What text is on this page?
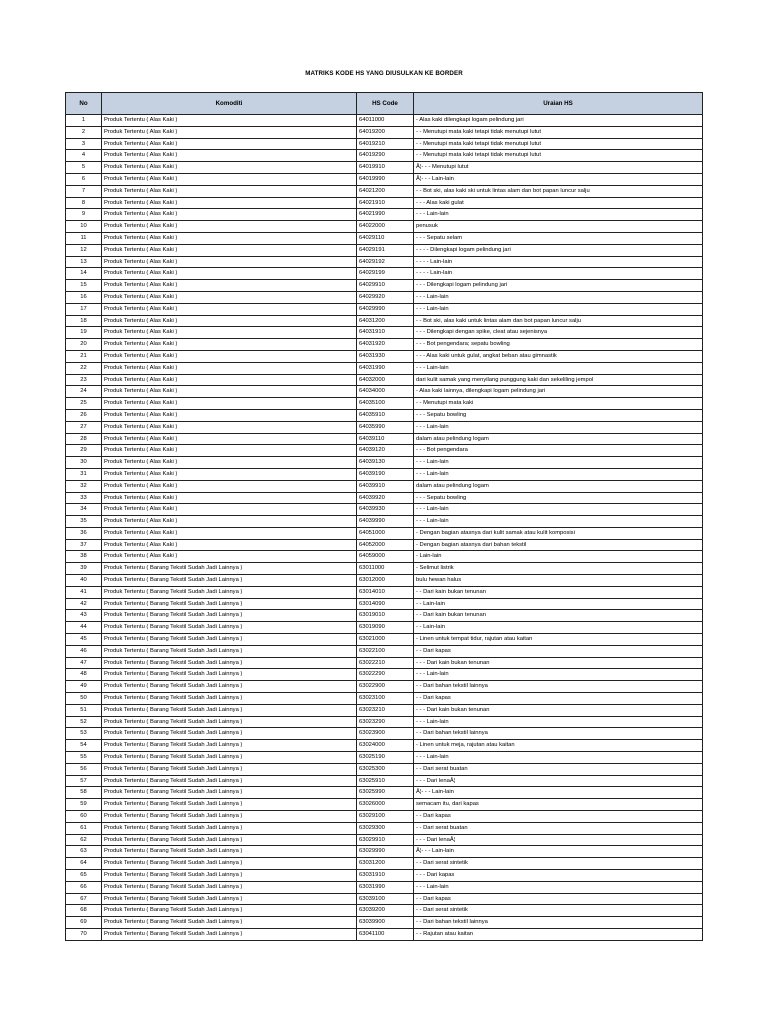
MATRIKS KODE HS YANG DIUSULKAN KE BORDER
No	Komoditi	HS Code	Uraian HS
1	Produk Tertentu ( Alas Kaki )	64011000	- Alas kaki dilengkapi logam pelindung jari
2	Produk Tertentu ( Alas Kaki )	64019200	- - Menutupi mata kaki tetapi tidak menutupi lutut
3	Produk Tertentu ( Alas Kaki )	64019210	- - Menutupi mata kaki tetapi tidak menutupi lutut
4	Produk Tertentu ( Alas Kaki )	64019290	- - Menutupi mata kaki tetapi tidak menutupi lutut
5	Produk Tertentu ( Alas Kaki )	64019910	Â¦- - - Menutupi lutut
6	Produk Tertentu ( Alas Kaki )	64019990	Â¦- - - Lain-lain
7	Produk Tertentu ( Alas Kaki )	64021200	- - Bot ski, alas kaki ski untuk lintas alam dan bot papan luncur salju
8	Produk Tertentu ( Alas Kaki )	64021910	- - - Alas kaki gulat
9	Produk Tertentu ( Alas Kaki )	64021990	- - - Lain-lain
10	Produk Tertentu ( Alas Kaki )	64022000	penusuk
11	Produk Tertentu ( Alas Kaki )	64029110	- - - Sepatu selam
12	Produk Tertentu ( Alas Kaki )	64029191	- - - - Dilengkapi logam pelindung jari
13	Produk Tertentu ( Alas Kaki )	64029192	- - - - Lain-lain
14	Produk Tertentu ( Alas Kaki )	64029199	- - - - Lain-lain
15	Produk Tertentu ( Alas Kaki )	64029910	- - - Dilengkapi logam pelindung jari
16	Produk Tertentu ( Alas Kaki )	64029920	- - - Lain-lain
17	Produk Tertentu ( Alas Kaki )	64029990	- - - Lain-lain
18	Produk Tertentu ( Alas Kaki )	64031200	- - Bot ski, alas kaki untuk lintas alam dan bot papan luncur salju
19	Produk Tertentu ( Alas Kaki )	64031910	- - - Dilengkapi dengan spike, cleat atau sejenisnya
20	Produk Tertentu ( Alas Kaki )	64031920	- - - Bot pengendara; sepatu bowling
21	Produk Tertentu ( Alas Kaki )	64031930	- - - Alas kaki untuk gulat, angkat beban atau gimnastik
22	Produk Tertentu ( Alas Kaki )	64031990	- - - Lain-lain
23	Produk Tertentu ( Alas Kaki )	64032000	dari kulit samak yang menyilang punggung kaki dan sekeliling jempol
24	Produk Tertentu ( Alas Kaki )	64034000	- Alas kaki lainnya, dilengkapi logam pelindung jari
25	Produk Tertentu ( Alas Kaki )	64035100	- - Menutupi mata kaki
26	Produk Tertentu ( Alas Kaki )	64035910	- - - Sepatu bowling
27	Produk Tertentu ( Alas Kaki )	64035990	- - - Lain-lain
28	Produk Tertentu ( Alas Kaki )	64039110	dalam atau pelindung logam
29	Produk Tertentu ( Alas Kaki )	64039120	- - - Bot pengendara
30	Produk Tertentu ( Alas Kaki )	64039130	- - - Lain-lain
31	Produk Tertentu ( Alas Kaki )	64039190	- - - Lain-lain
32	Produk Tertentu ( Alas Kaki )	64039910	dalam atau pelindung logam
33	Produk Tertentu ( Alas Kaki )	64039920	- - - Sepatu bowling
34	Produk Tertentu ( Alas Kaki )	64039930	- - - Lain-lain
35	Produk Tertentu ( Alas Kaki )	64039990	- - - Lain-lain
36	Produk Tertentu ( Alas Kaki )	64051000	- Dengan bagian atasnya dari kulit samak atau kulit komposisi
37	Produk Tertentu ( Alas Kaki )	64052000	- Dengan bagian atasnya dari bahan tekstil
38	Produk Tertentu ( Alas Kaki )	64059000	- Lain-lain
39	Produk Tertentu ( Barang Tekstil Sudah Jadi Lainnya )	63011000	- Selimut listrik
40	Produk Tertentu ( Barang Tekstil Sudah Jadi Lainnya )	63012000	bulu hewan halus
41	Produk Tertentu ( Barang Tekstil Sudah Jadi Lainnya )	63014010	- - Dari kain bukan tenunan
42	Produk Tertentu ( Barang Tekstil Sudah Jadi Lainnya )	63014090	- - Lain-lain
43	Produk Tertentu ( Barang Tekstil Sudah Jadi Lainnya )	63019010	- - Dari kain bukan tenunan
44	Produk Tertentu ( Barang Tekstil Sudah Jadi Lainnya )	63019090	- - Lain-lain
45	Produk Tertentu ( Barang Tekstil Sudah Jadi Lainnya )	63021000	- Linen untuk tempat tidur, rajutan atau kaitan
46	Produk Tertentu ( Barang Tekstil Sudah Jadi Lainnya )	63022100	- - Dari kapas
47	Produk Tertentu ( Barang Tekstil Sudah Jadi Lainnya )	63022210	- - - Dari kain bukan tenunan
48	Produk Tertentu ( Barang Tekstil Sudah Jadi Lainnya )	63022290	- - - Lain-lain
49	Produk Tertentu ( Barang Tekstil Sudah Jadi Lainnya )	63022900	- - Dari bahan tekstil lainnya
50	Produk Tertentu ( Barang Tekstil Sudah Jadi Lainnya )	63023100	- - Dari kapas
51	Produk Tertentu ( Barang Tekstil Sudah Jadi Lainnya )	63023210	- - - Dari kain bukan tenunan
52	Produk Tertentu ( Barang Tekstil Sudah Jadi Lainnya )	63023290	- - - Lain-lain
53	Produk Tertentu ( Barang Tekstil Sudah Jadi Lainnya )	63023900	- - Dari bahan tekstil lainnya
54	Produk Tertentu ( Barang Tekstil Sudah Jadi Lainnya )	63024000	- Linen untuk meja, rajutan atau kaitan
55	Produk Tertentu ( Barang Tekstil Sudah Jadi Lainnya )	63025190	- - - Lain-lain
56	Produk Tertentu ( Barang Tekstil Sudah Jadi Lainnya )	63025300	- - Dari serat buatan
57	Produk Tertentu ( Barang Tekstil Sudah Jadi Lainnya )	63025910	- - - Dari lenaÂ¦
58	Produk Tertentu ( Barang Tekstil Sudah Jadi Lainnya )	63025990	Â¦- - - Lain-lain
59	Produk Tertentu ( Barang Tekstil Sudah Jadi Lainnya )	63026000	semacam itu, dari kapas
60	Produk Tertentu ( Barang Tekstil Sudah Jadi Lainnya )	63029100	- - Dari kapas
61	Produk Tertentu ( Barang Tekstil Sudah Jadi Lainnya )	63029300	- - Dari serat buatan
62	Produk Tertentu ( Barang Tekstil Sudah Jadi Lainnya )	63029910	- - - Dari lenaÂ¦
63	Produk Tertentu ( Barang Tekstil Sudah Jadi Lainnya )	63029990	Â¦- - - Lain-lain
64	Produk Tertentu ( Barang Tekstil Sudah Jadi Lainnya )	63031200	- - Dari serat sintetik
65	Produk Tertentu ( Barang Tekstil Sudah Jadi Lainnya )	63031910	- - - Dari kapas
66	Produk Tertentu ( Barang Tekstil Sudah Jadi Lainnya )	63031990	- - - Lain-lain
67	Produk Tertentu ( Barang Tekstil Sudah Jadi Lainnya )	63039100	- - Dari kapas
68	Produk Tertentu ( Barang Tekstil Sudah Jadi Lainnya )	63039200	- - Dari serat sintetik
69	Produk Tertentu ( Barang Tekstil Sudah Jadi Lainnya )	63039900	- - Dari bahan tekstil lainnya
70	Produk Tertentu ( Barang Tekstil Sudah Jadi Lainnya )	63041100	- - Rajutan atau kaitan
